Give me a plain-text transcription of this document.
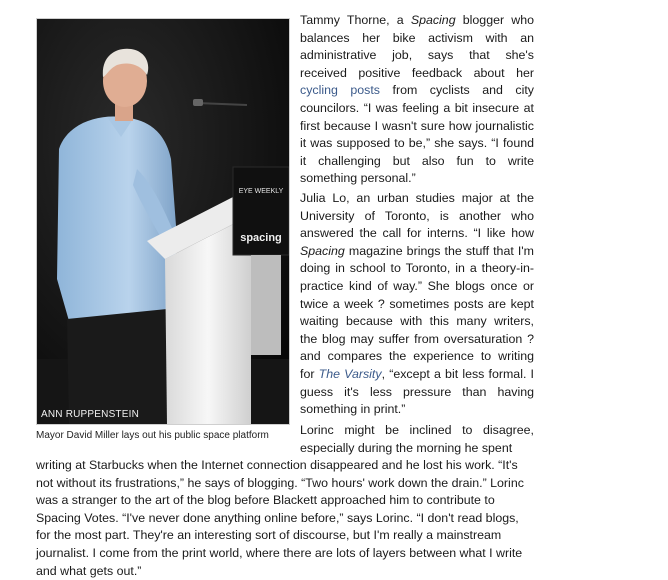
EYE WEEKLY
spacing
ANN RUPPENSTEIN
Mayor David Miller lays out his public space platform

Tammy Thorne, a Spacing blogger who balances her bike activism with an administrative job, says that she's received positive feedback about her cycling posts from cyclists and city councilors. “I was feeling a bit insecure at first because I wasn't sure how journalistic it was supposed to be,” she says. “I found it challenging but also fun to write something personal.”

Julia Lo, an urban studies major at the University of Toronto, is another who answered the call for interns. “I like how Spacing magazine brings the stuff that I'm doing in school to Toronto, in a theory-in-practice kind of way.” She blogs once or twice a week ? sometimes posts are kept waiting because with this many writers, the blog may suffer from oversaturation ? and compares the experience to writing for The Varsity, “except a bit less formal. I guess it's less pressure than having something in print.”

Lorinc might be inclined to disagree, especially during the morning he spent

writing at Starbucks when the Internet connection disappeared and he lost his work. “It's not without its frustrations,” he says of blogging. “Two hours' work down the drain.” Lorinc was a stranger to the art of the blog before Blackett approached him to contribute to Spacing Votes. “I've never done anything online before,” says Lorinc. “I don't read blogs, for the most part. They're an interesting sort of discourse, but I'm really a mainstream journalist. I come from the print world, where there are lots of layers between what I write and what gets out.”
